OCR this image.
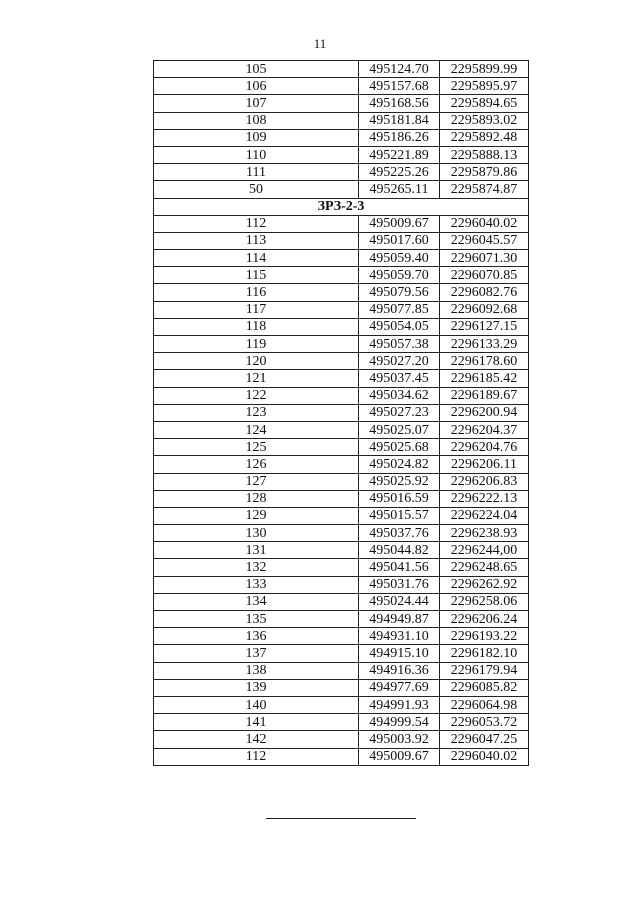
11
105	495124.70	2295899.99
106	495157.68	2295895.97
107	495168.56	2295894.65
108	495181.84	2295893.02
109	495186.26	2295892.48
110	495221.89	2295888.13
111	495225.26	2295879.86
50	495265.11	2295874.87
ЗРЗ-2-3		
112	495009.67	2296040.02
113	495017.60	2296045.57
114	495059.40	2296071.30
115	495059.70	2296070.85
116	495079.56	2296082.76
117	495077.85	2296092.68
118	495054.05	2296127.15
119	495057.38	2296133.29
120	495027.20	2296178.60
121	495037.45	2296185.42
122	495034.62	2296189.67
123	495027.23	2296200.94
124	495025.07	2296204.37
125	495025.68	2296204.76
126	495024.82	2296206.11
127	495025.92	2296206.83
128	495016.59	2296222.13
129	495015.57	2296224.04
130	495037.76	2296238.93
131	495044.82	2296244,00
132	495041.56	2296248.65
133	495031.76	2296262.92
134	495024.44	2296258.06
135	494949.87	2296206.24
136	494931.10	2296193.22
137	494915.10	2296182.10
138	494916.36	2296179.94
139	494977.69	2296085.82
140	494991.93	2296064.98
141	494999.54	2296053.72
142	495003.92	2296047.25
112	495009.67	2296040.02
